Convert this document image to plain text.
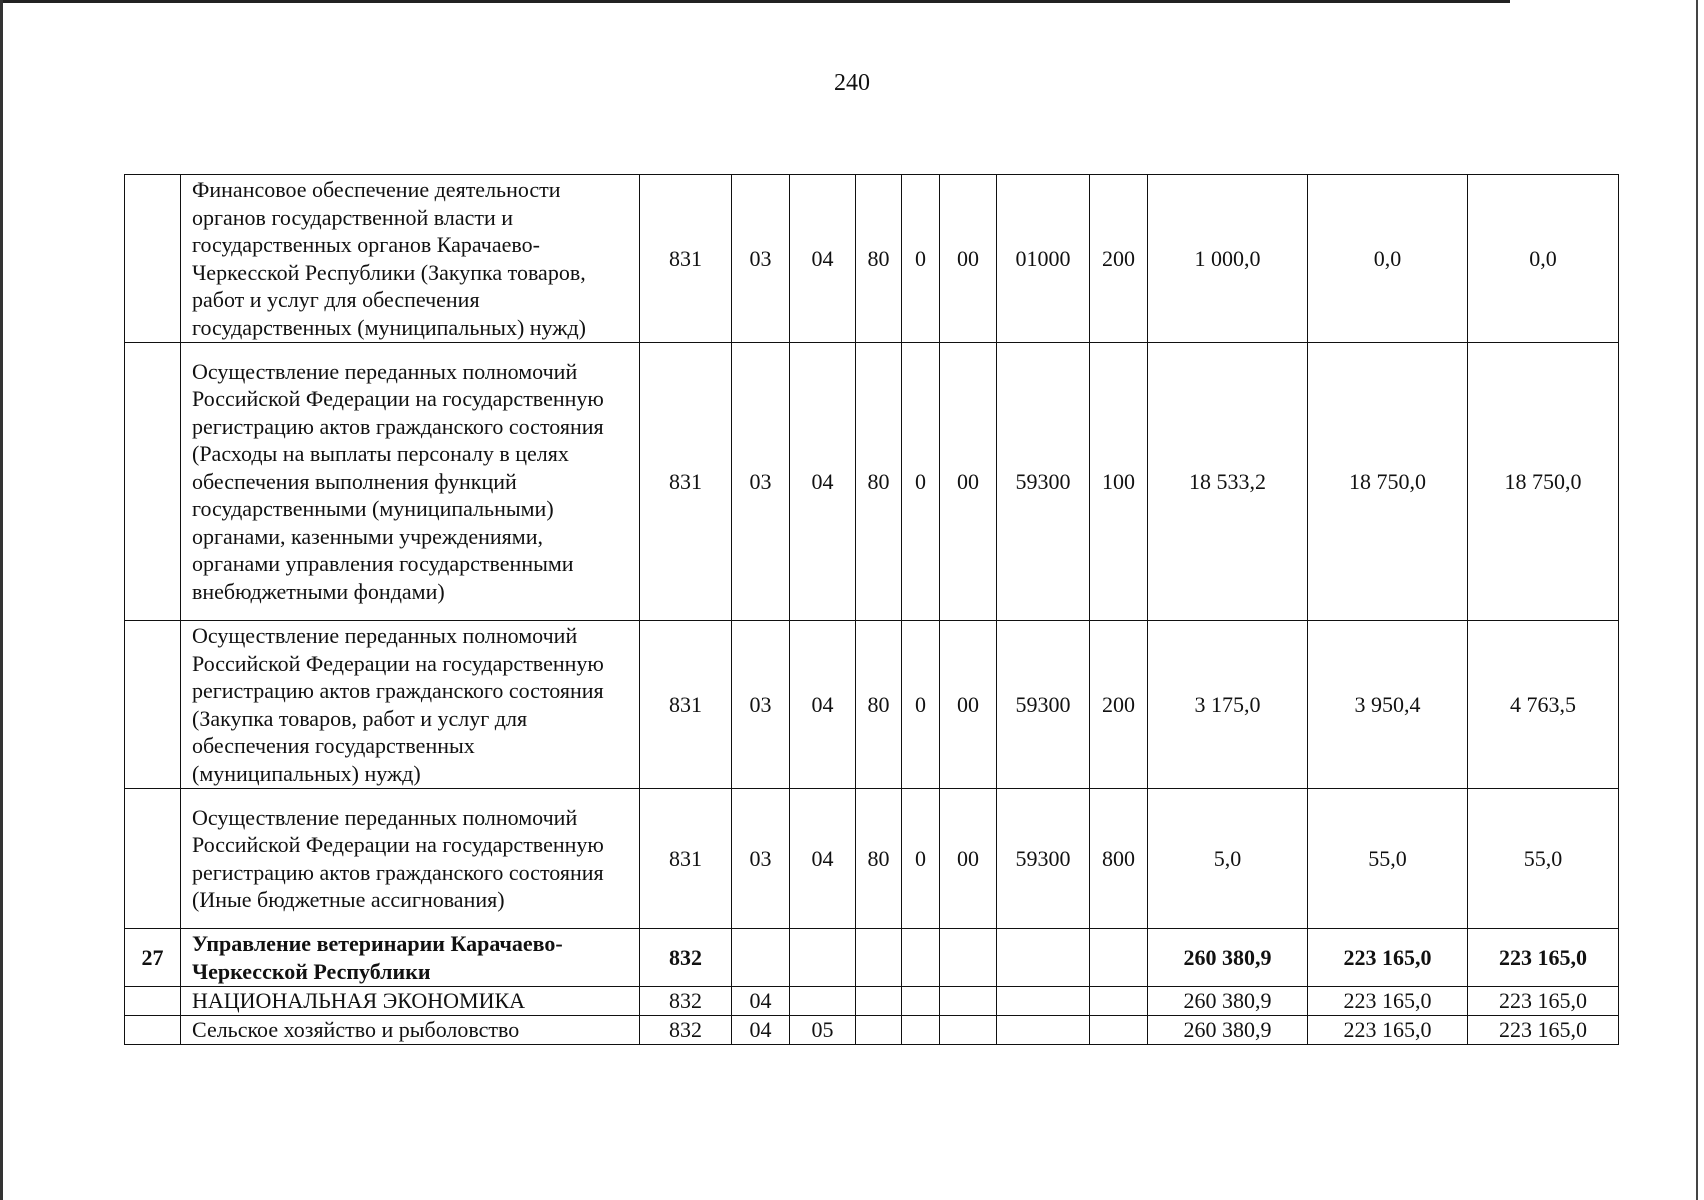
240
	Финансовое обеспечение деятельности органов государственной власти и государственных органов Карачаево-Черкесской Республики (Закупка товаров, работ и услуг для обеспечения государственных (муниципальных) нужд)	831	03	04	80	0	00	01000	200	1 000,0	0,0	0,0
	Осуществление переданных полномочий Российской Федерации на государственную регистрацию актов гражданского состояния (Расходы на выплаты персоналу в целях обеспечения выполнения функций государственными (муниципальными) органами, казенными учреждениями, органами управления государственными внебюджетными фондами)	831	03	04	80	0	00	59300	100	18 533,2	18 750,0	18 750,0
	Осуществление переданных полномочий Российской Федерации на государственную регистрацию актов гражданского состояния (Закупка товаров, работ и услуг для обеспечения государственных (муниципальных) нужд)	831	03	04	80	0	00	59300	200	3 175,0	3 950,4	4 763,5
	Осуществление переданных полномочий Российской Федерации на государственную регистрацию актов гражданского состояния (Иные бюджетные ассигнования)	831	03	04	80	0	00	59300	800	5,0	55,0	55,0
27	Управление ветеринарии Карачаево-Черкесской Республики	832								260 380,9	223 165,0	223 165,0
	НАЦИОНАЛЬНАЯ ЭКОНОМИКА	832	04							260 380,9	223 165,0	223 165,0
	Сельское хозяйство и рыболовство	832	04	05						260 380,9	223 165,0	223 165,0
